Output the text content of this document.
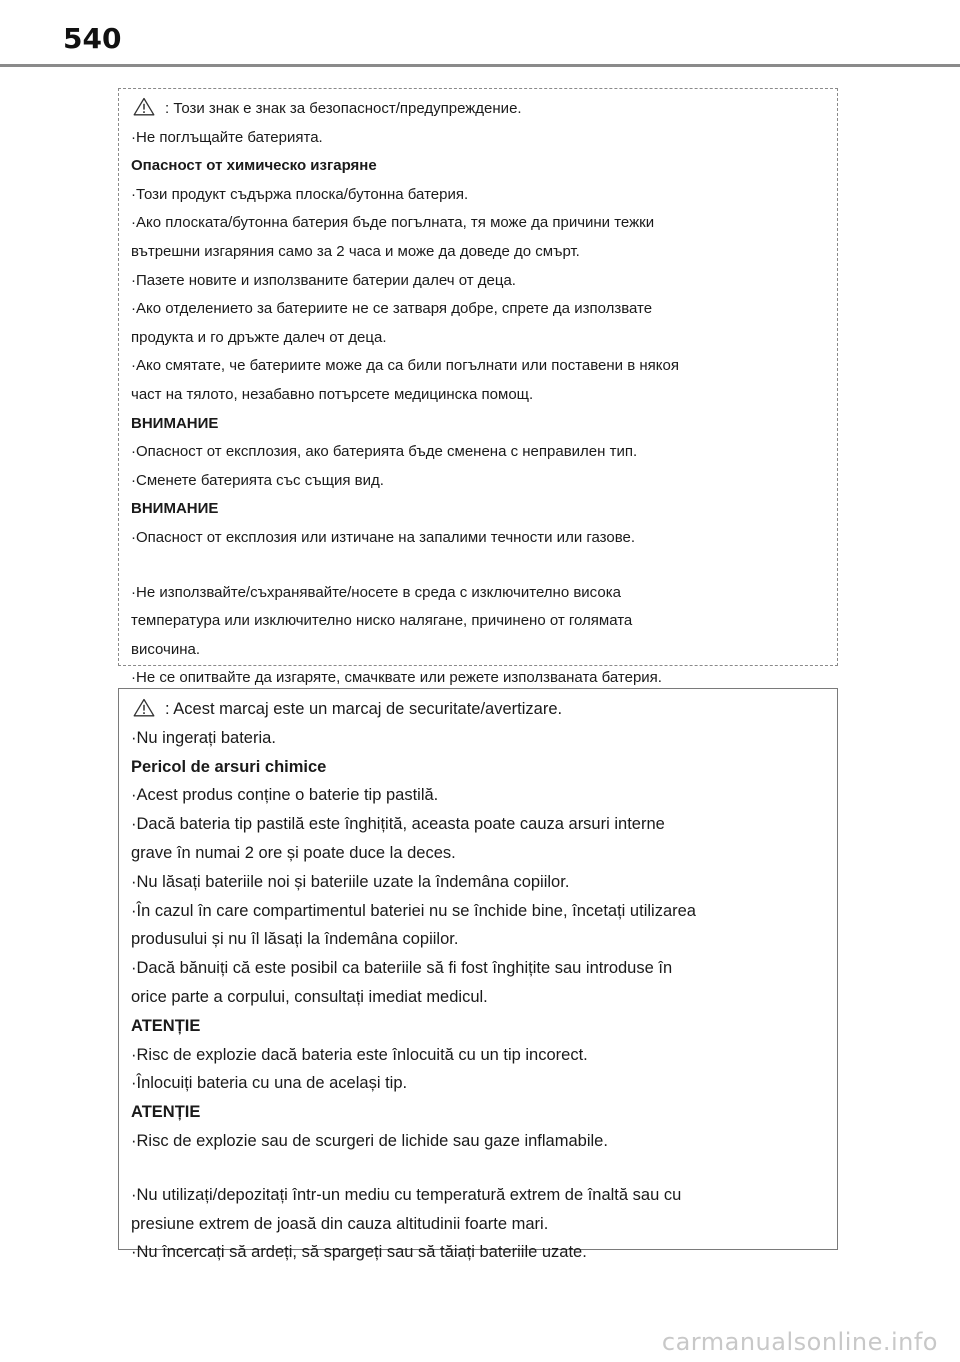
540

: Този знак е знак за безопасност/предупреждение.

·Не поглъщайте батерията.

Опасност от химическо изгаряне

·Този продукт съдържа плоска/бутонна батерия.

·Ако плоската/бутонна батерия бъде погълната, тя може да причини тежки

вътрешни изгаряния само за 2 часа и може да доведе до смърт.

·Пазете новите и използваните батерии далеч от деца.

·Ако отделението за батериите не се затваря добре, спрете да използвате

продукта и го дръжте далеч от деца.

·Ако смятате, че батериите може да са били погълнати или поставени в някоя

част на тялото, незабавно потърсете медицинска помощ.

ВНИМАНИЕ

·Опасност от експлозия, ако батерията бъде сменена с неправилен тип.

·Сменете батерията със същия вид.

ВНИМАНИЕ

·Опасност от експлозия или изтичане на запалими течности или газове.

·Не използвайте/съхранявайте/носете в среда с изключително висока

температура или изключително ниско налягане, причинено от голямата

височина.

·Не се опитвайте да изгаряте, смачквате или режете използваната батерия.

: Acest marcaj este un marcaj de securitate/avertizare.

·Nu ingerați bateria.

Pericol de arsuri chimice

·Acest produs conține o baterie tip pastilă.

·Dacă bateria tip pastilă este înghițită, aceasta poate cauza arsuri interne

grave în numai 2 ore și poate duce la deces.

·Nu lăsați bateriile noi și bateriile uzate la îndemâna copiilor.

·În cazul în care compartimentul bateriei nu se închide bine, încetați utilizarea

produsului și nu îl lăsați la îndemâna copiilor.

·Dacă bănuiți că este posibil ca bateriile să fi fost înghițite sau introduse în

orice parte a corpului, consultați imediat medicul.

ATENȚIE

·Risc de explozie dacă bateria este înlocuită cu un tip incorect.

·Înlocuiți bateria cu una de același tip.

ATENȚIE

·Risc de explozie sau de scurgeri de lichide sau gaze inflamabile.

·Nu utilizați/depozitați într-un mediu cu temperatură extrem de înaltă sau cu

presiune extrem de joasă din cauza altitudinii foarte mari.

·Nu încercați să ardeți, să spargeți sau să tăiați bateriile uzate.

carmanualsonline.info
